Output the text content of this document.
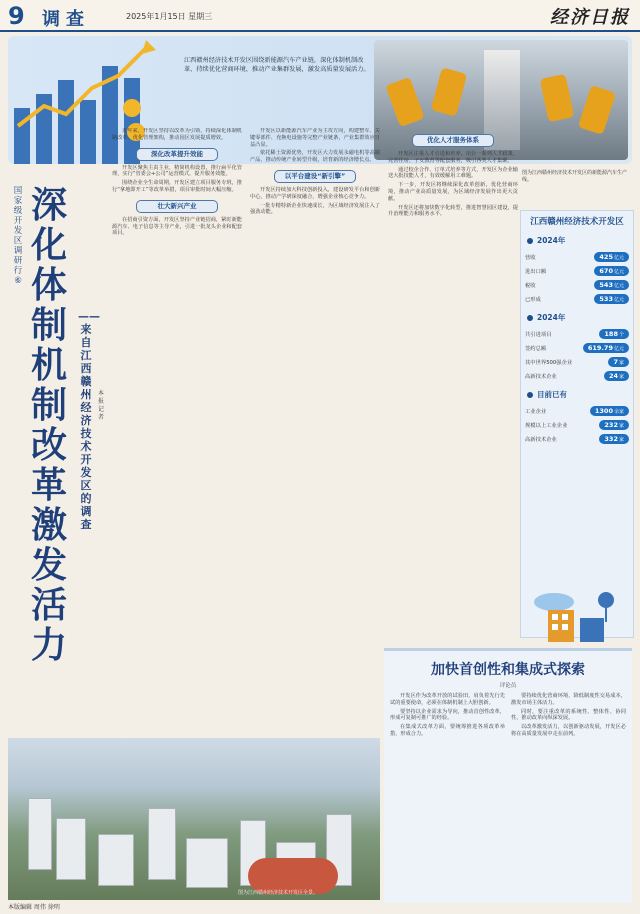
9 调查	2025年1月15日 星期三	经济日报
江西赣州经济技术开发区围绕新能源汽车产业链，深化体制机制改革，持续优化营商环境，推动产业集群发展，激发高质量发展活力。
国家级开发区调研行⑥
深化体制机制改革激发活力
——来自江西赣州经济技术开发区的调查
本报记者

近年来，开发区坚持以改革为引领，持续深化体制机制改革，优化管理架构，推动园区发展提质增效。

深化改革提升效能

开发区聚焦主责主业，精简机构设置，推行扁平化管理，实行“管委会+公司”运营模式，提升服务效能。

围绕企业全生命周期，开发区建立项目服务专班，推行“拿地即开工”等改革举措，项目审批时间大幅压缩。

壮大新兴产业

在招商引资方面，开发区坚持产业链招商，紧盯新能源汽车、电子信息等主导产业，引进一批龙头企业和配套项目。

开发区以新能源汽车产业为主攻方向，构建整车、关键零部件、充换电设施等完整产业链条，产业集群效应日益凸显。

依托稀土资源优势，开发区大力发展永磁电机等高端产品，推动传统产业转型升级，培育新的经济增长点。

以平台建设“新引擎”

开发区持续加大科技创新投入，建设研发平台和创新中心，推动产学研深度融合，增强企业核心竞争力。

一批专精特新企业快速成长，为区域经济发展注入了强劲动能。

优化人才服务体系

开发区注重人才引进和培养，出台一系列人才政策，完善住房、子女教育等配套服务，吸引各类人才集聚。

通过校企合作、订单式培养等方式，开发区为企业输送大批技能人才，有效缓解用工难题。

下一步，开发区将继续深化改革创新，优化营商环境，推动产业高质量发展，为区域经济发展作出更大贡献。

开发区还将加快数字化转型，推进智慧园区建设，提升治理能力和服务水平。

图为江西赣州经济技术开发区的新能源汽车生产线。
江西赣州经济技术开发区
2024年
营收	425亿元
进出口额	670亿元
税收	543亿元
已形成	533亿元
2024年
共引进项目	188个
签约总额	619.79亿元
其中世界500强企业	7家
高新技术企业	24家
目前已有
工业企业	1300余家
规模以上工业企业	232家
高新技术企业	332家
图为江西赣州经济技术开发区全景。
加快首创性和集成式探索
评论员

开发区作为改革开放的试验田，肩负着先行先试的重要使命，必须在体制机制上大胆创新。

要坚持以企业需求为导向，推动首创性改革，形成可复制可推广的经验。

在集成式改革方面，要统筹推进各项改革举措，形成合力。

要持续优化营商环境，降低制度性交易成本，激发市场主体活力。

同时，要注重改革的系统性、整体性、协同性，推动改革向纵深发展。

以改革激发活力，以创新驱动发展，开发区必将在高质量发展中走在前列。

本版编辑 周伟 徐明
